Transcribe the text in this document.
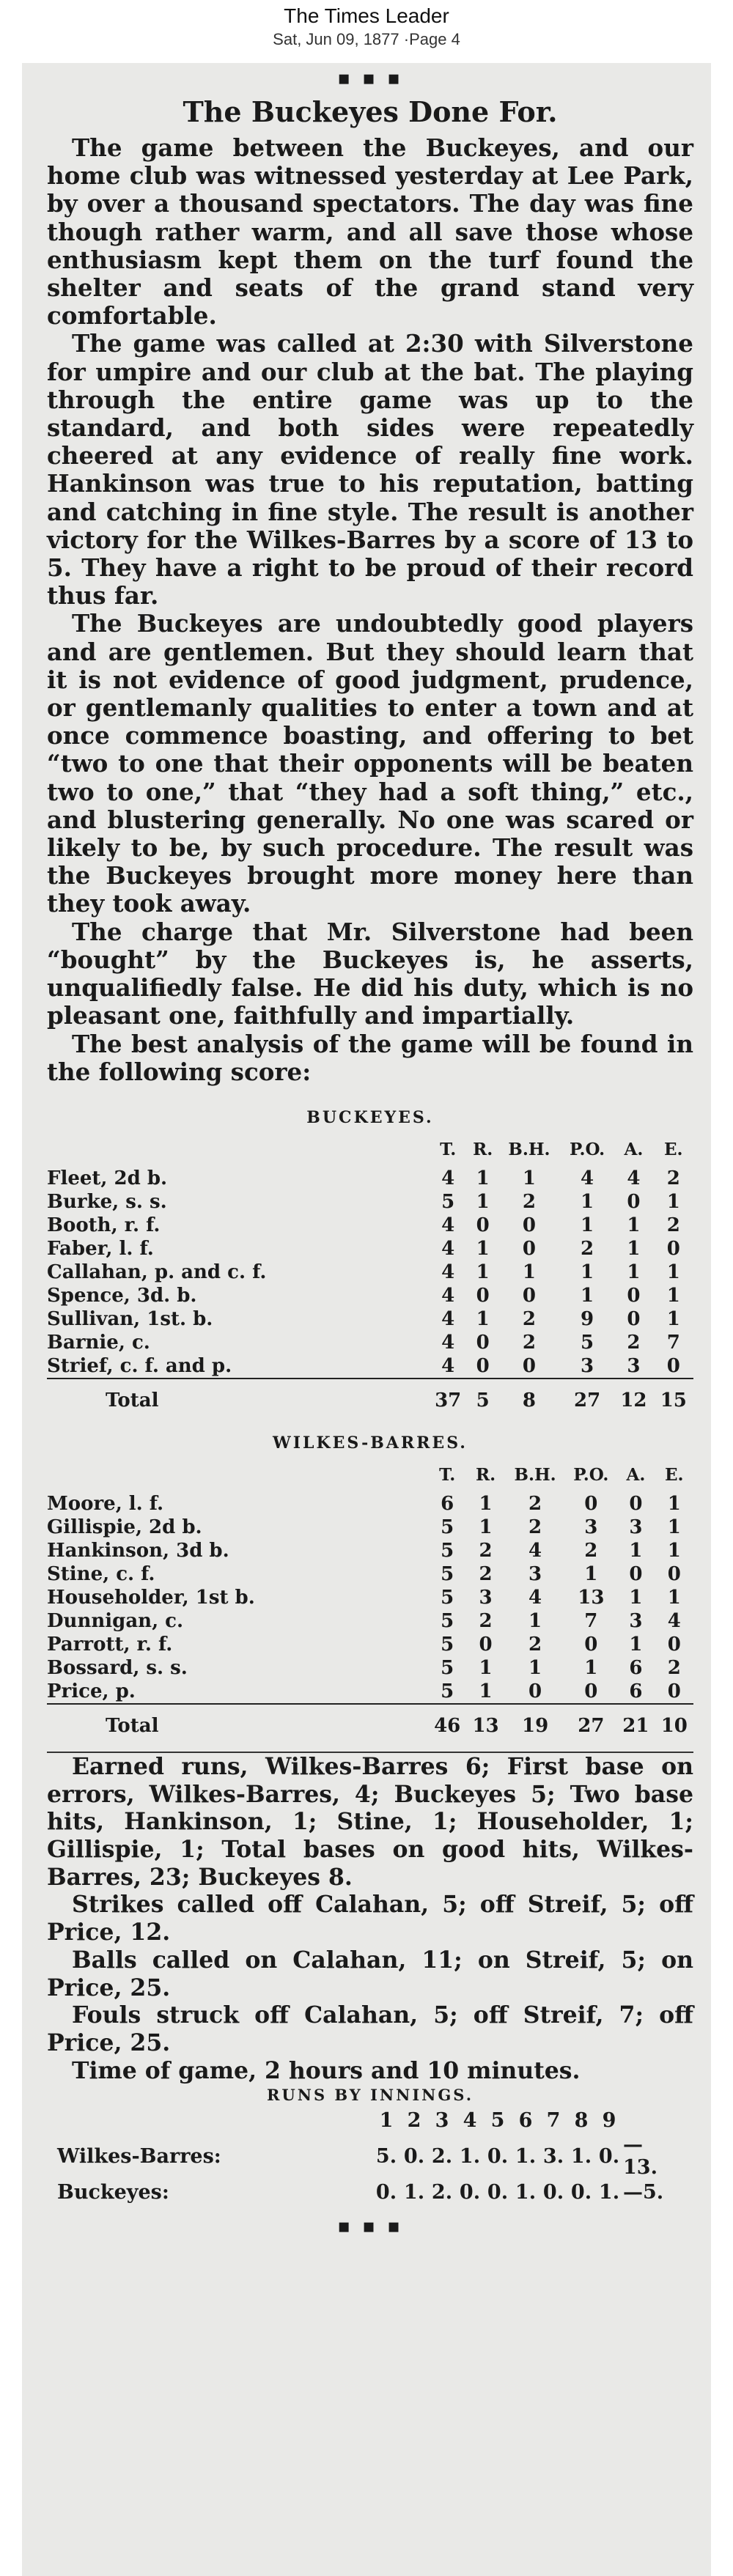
The Times Leader
Sat, Jun 09, 1877 ·Page 4
▪ ▪ ▪
The Buckeyes Done For.

The game between the Buckeyes, and our home club was witnessed yesterday at Lee Park, by over a thousand spectators. The day was fine though rather warm, and all save those whose enthusiasm kept them on the turf found the shelter and seats of the grand stand very comfortable.

The game was called at 2:30 with Silverstone for umpire and our club at the bat. The playing through the entire game was up to the standard, and both sides were repeatedly cheered at any evidence of really fine work. Hankinson was true to his reputation, batting and catching in fine style. The result is another victory for the Wilkes-Barres by a score of 13 to 5. They have a right to be proud of their record thus far.

The Buckeyes are undoubtedly good players and are gentlemen. But they should learn that it is not evidence of good judgment, prudence, or gentlemanly qualities to enter a town and at once commence boasting, and offering to bet “two to one that their opponents will be beaten two to one,” that “they had a soft thing,” etc., and blustering generally. No one was scared or likely to be, by such procedure. The result was the Buckeyes brought more money here than they took away.

The charge that Mr. Silverstone had been “bought” by the Buckeyes is, he asserts, unqualifiedly false. He did his duty, which is no pleasant one, faithfully and impartially.

The best analysis of the game will be found in the following score:

BUCKEYES.
	T.	R.	B.H.	P.O.	A.	E.
Fleet, 2d b.	4	1	1	4	4	2
Burke, s. s.	5	1	2	1	0	1
Booth, r. f.	4	0	0	1	1	2
Faber, l. f.	4	1	0	2	1	0
Callahan, p. and c. f.	4	1	1	1	1	1
Spence, 3d. b.	4	0	0	1	0	1
Sullivan, 1st. b.	4	1	2	9	0	1
Barnie, c.	4	0	2	5	2	7
Strief, c. f. and p.	4	0	0	3	3	0
Total	37	5	8	27	12	15
WILKES-BARRES.
	T.	R.	B.H.	P.O.	A.	E.
Moore, l. f.	6	1	2	0	0	1
Gillispie, 2d b.	5	1	2	3	3	1
Hankinson, 3d b.	5	2	4	2	1	1
Stine, c. f.	5	2	3	1	0	0
Householder, 1st b.	5	3	4	13	1	1
Dunnigan, c.	5	2	1	7	3	4
Parrott, r. f.	5	0	2	0	1	0
Bossard, s. s.	5	1	1	1	6	2
Price, p.	5	1	0	0	6	0
Total	46	13	19	27	21	10

Earned runs, Wilkes-Barres 6; First base on errors, Wilkes-Barres, 4; Buckeyes 5; Two base hits, Hankinson, 1; Stine, 1; Householder, 1; Gillispie, 1; Total bases on good hits, Wilkes-Barres, 23; Buckeyes 8.

Strikes called off Calahan, 5; off Streif, 5; off Price, 12.

Balls called on Calahan, 11; on Streif, 5; on Price, 25.

Fouls struck off Calahan, 5; off Streif, 7; off Price, 25.

Time of game, 2 hours and 10 minutes.

RUNS BY INNINGS.
	1	2	3	4	5	6	7	8	9	
Wilkes-Barres:	5.	0.	2.	1.	0.	1.	3.	1.	0.	—13.
Buckeyes:	0.	1.	2.	0.	0.	1.	0.	0.	1.	—5.
▪ ▪ ▪
